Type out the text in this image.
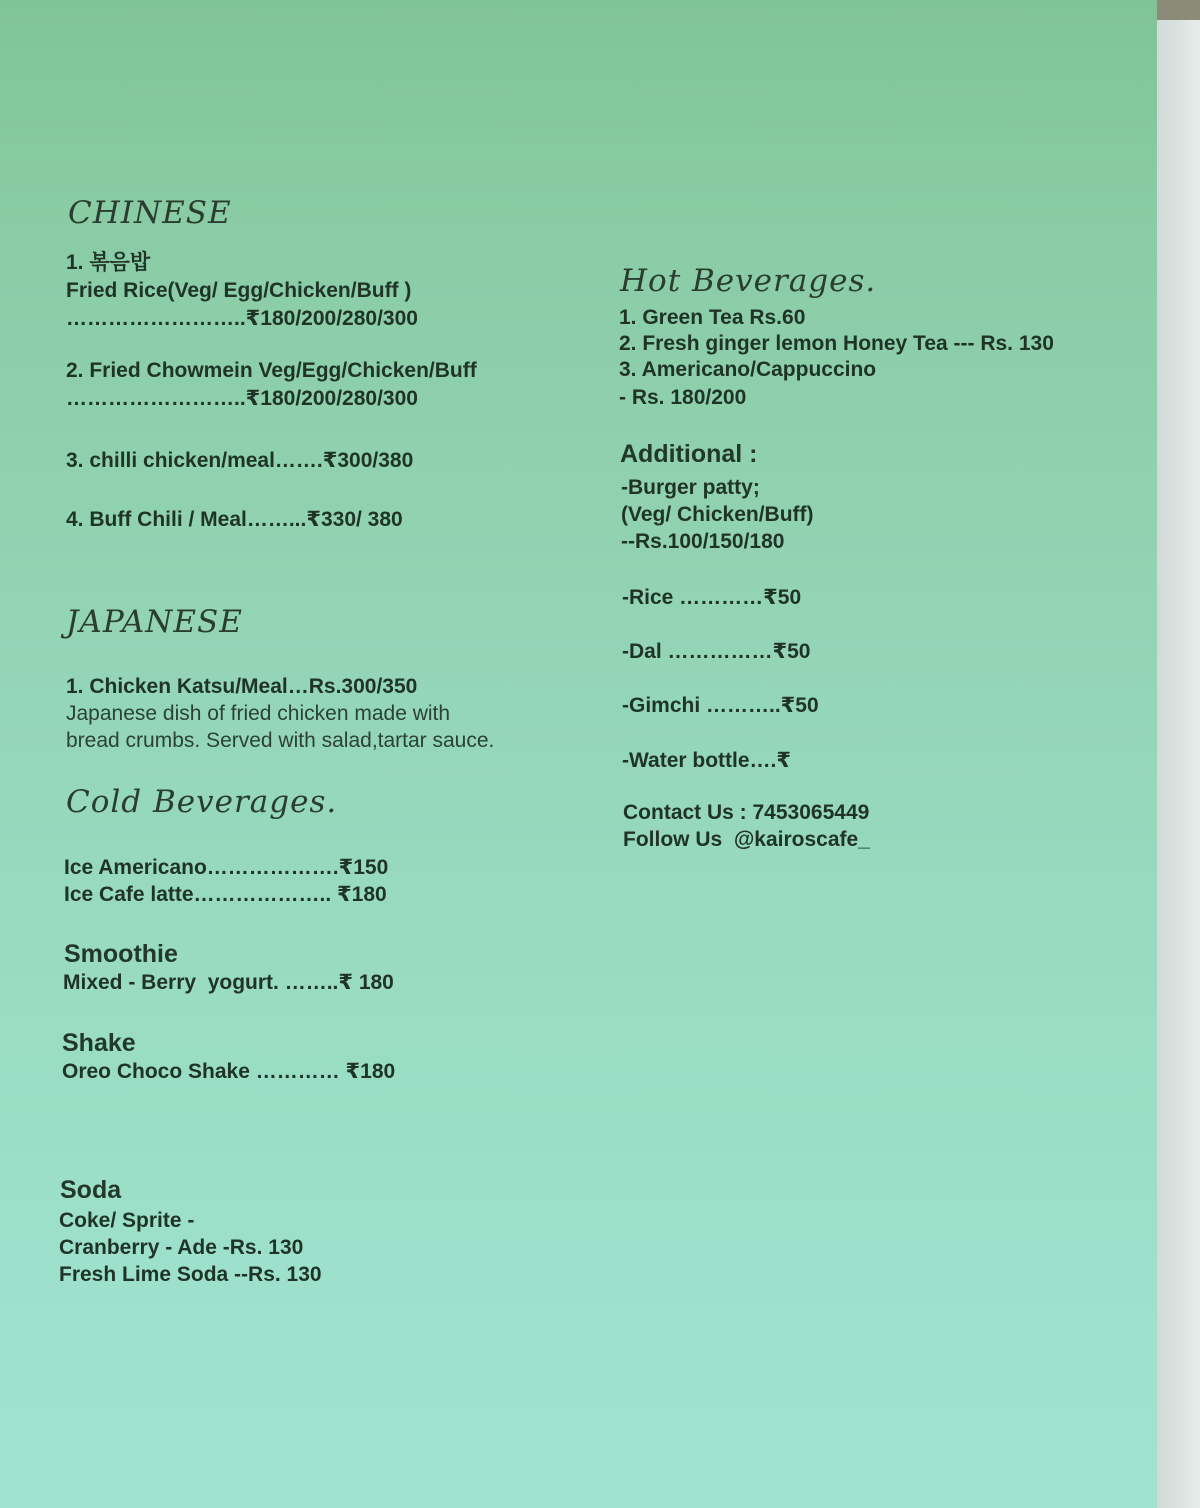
CHINESE

1. 볶음밥

Fried Rice(Veg/ Egg/Chicken/Buff )

……………………..₹180/200/280/300

2. Fried Chowmein Veg/Egg/Chicken/Buff

……………………..₹180/200/280/300

3. chilli chicken/meal…….₹300/380

4. Buff Chili / Meal……...₹330/ 380

JAPANESE

1. Chicken Katsu/Meal…Rs.300/350

Japanese dish of fried chicken made with

bread crumbs. Served with salad,tartar sauce.

Cold Beverages.

Ice Americano……………….₹150

Ice Cafe latte……………….. ₹180

Smoothie

Mixed - Berry  yogurt. ……..₹ 180

Shake

Oreo Choco Shake ………… ₹180

Soda

Coke/ Sprite -

Cranberry - Ade -Rs. 130

Fresh Lime Soda --Rs. 130

Hot Beverages.

1. Green Tea Rs.60

2. Fresh ginger lemon Honey Tea --- Rs. 130

3. Americano/Cappuccino

- Rs. 180/200

Additional :

-Burger patty;

(Veg/ Chicken/Buff)

--Rs.100/150/180

-Rice …………₹50

-Dal ……………₹50

-Gimchi ………..₹50

-Water bottle….₹

Contact Us : 7453065449

Follow Us  @kairoscafe_
